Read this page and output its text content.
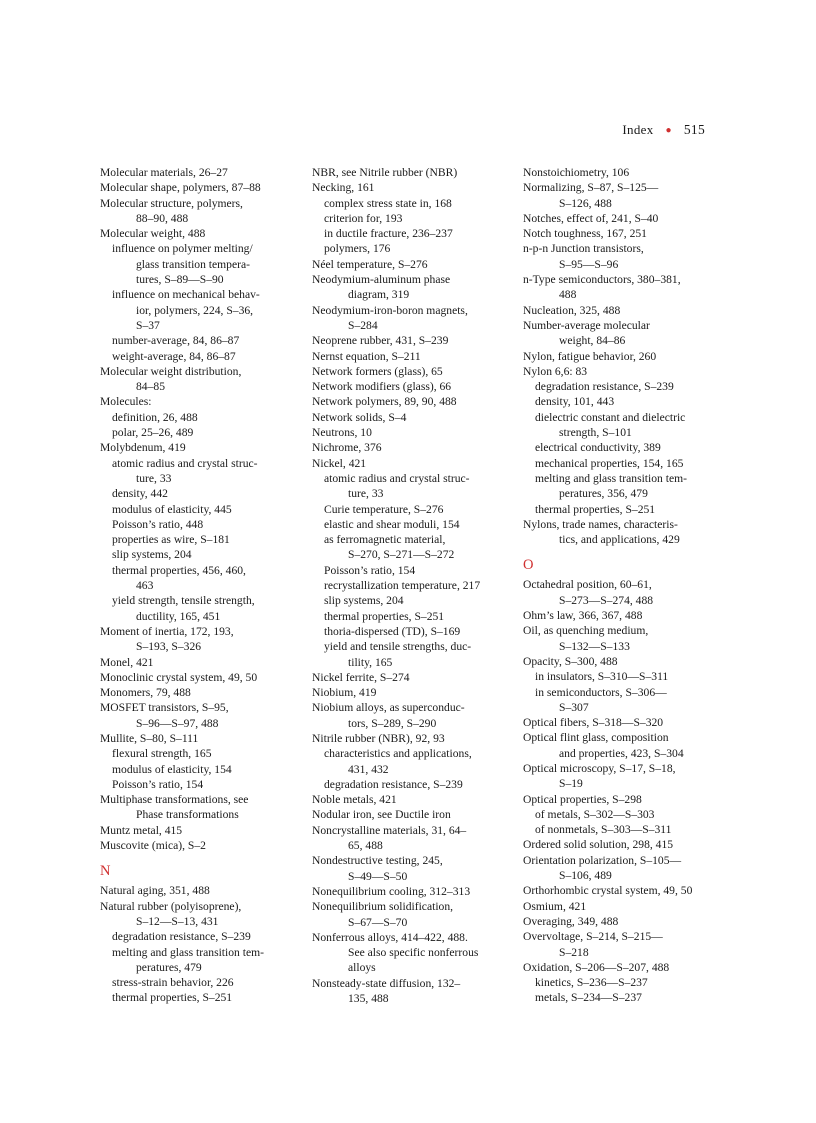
Index ● 515
Molecular materials, 26–27
Molecular shape, polymers, 87–88
Molecular structure, polymers,
88–90, 488
Molecular weight, 488
influence on polymer melting/
glass transition tempera-
tures, S–89—S–90
influence on mechanical behav-
ior, polymers, 224, S–36,
S–37
number-average, 84, 86–87
weight-average, 84, 86–87
Molecular weight distribution,
84–85
Molecules:
definition, 26, 488
polar, 25–26, 489
Molybdenum, 419
atomic radius and crystal struc-
ture, 33
density, 442
modulus of elasticity, 445
Poisson’s ratio, 448
properties as wire, S–181
slip systems, 204
thermal properties, 456, 460,
463
yield strength, tensile strength,
ductility, 165, 451
Moment of inertia, 172, 193,
S–193, S–326
Monel, 421
Monoclinic crystal system, 49, 50
Monomers, 79, 488
MOSFET transistors, S–95,
S–96—S–97, 488
Mullite, S–80, S–111
flexural strength, 165
modulus of elasticity, 154
Poisson’s ratio, 154
Multiphase transformations, see
Phase transformations
Muntz metal, 415
Muscovite (mica), S–2
N
Natural aging, 351, 488
Natural rubber (polyisoprene),
S–12—S–13, 431
degradation resistance, S–239
melting and glass transition tem-
peratures, 479
stress-strain behavior, 226
thermal properties, S–251
NBR, see Nitrile rubber (NBR)
Necking, 161
complex stress state in, 168
criterion for, 193
in ductile fracture, 236–237
polymers, 176
Néel temperature, S–276
Neodymium-aluminum phase
diagram, 319
Neodymium-iron-boron magnets,
S–284
Neoprene rubber, 431, S–239
Nernst equation, S–211
Network formers (glass), 65
Network modifiers (glass), 66
Network polymers, 89, 90, 488
Network solids, S–4
Neutrons, 10
Nichrome, 376
Nickel, 421
atomic radius and crystal struc-
ture, 33
Curie temperature, S–276
elastic and shear moduli, 154
as ferromagnetic material,
S–270, S–271—S–272
Poisson’s ratio, 154
recrystallization temperature, 217
slip systems, 204
thermal properties, S–251
thoria-dispersed (TD), S–169
yield and tensile strengths, duc-
tility, 165
Nickel ferrite, S–274
Niobium, 419
Niobium alloys, as superconduc-
tors, S–289, S–290
Nitrile rubber (NBR), 92, 93
characteristics and applications,
431, 432
degradation resistance, S–239
Noble metals, 421
Nodular iron, see Ductile iron
Noncrystalline materials, 31, 64–
65, 488
Nondestructive testing, 245,
S–49—S–50
Nonequilibrium cooling, 312–313
Nonequilibrium solidification,
S–67—S–70
Nonferrous alloys, 414–422, 488.
See also specific nonferrous
alloys
Nonsteady-state diffusion, 132–
135, 488
Nonstoichiometry, 106
Normalizing, S–87, S–125—
S–126, 488
Notches, effect of, 241, S–40
Notch toughness, 167, 251
n-p-n Junction transistors,
S–95—S–96
n-Type semiconductors, 380–381,
488
Nucleation, 325, 488
Number-average molecular
weight, 84–86
Nylon, fatigue behavior, 260
Nylon 6,6: 83
degradation resistance, S–239
density, 101, 443
dielectric constant and dielectric
strength, S–101
electrical conductivity, 389
mechanical properties, 154, 165
melting and glass transition tem-
peratures, 356, 479
thermal properties, S–251
Nylons, trade names, characteris-
tics, and applications, 429
O
Octahedral position, 60–61,
S–273—S–274, 488
Ohm’s law, 366, 367, 488
Oil, as quenching medium,
S–132—S–133
Opacity, S–300, 488
in insulators, S–310—S–311
in semiconductors, S–306—
S–307
Optical fibers, S–318—S–320
Optical flint glass, composition
and properties, 423, S–304
Optical microscopy, S–17, S–18,
S–19
Optical properties, S–298
of metals, S–302—S–303
of nonmetals, S–303—S–311
Ordered solid solution, 298, 415
Orientation polarization, S–105—
S–106, 489
Orthorhombic crystal system, 49, 50
Osmium, 421
Overaging, 349, 488
Overvoltage, S–214, S–215—
S–218
Oxidation, S–206—S–207, 488
kinetics, S–236—S–237
metals, S–234—S–237
